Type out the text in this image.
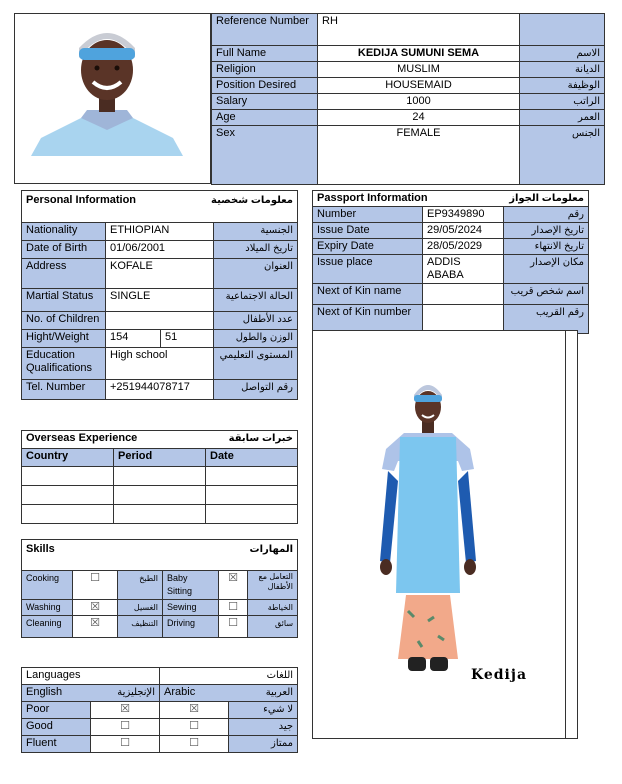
Reference Number	RH	
Full Name	KEDIJA SUMUNI SEMA	الاسم
Religion	MUSLIM	الديانة
Position Desired	HOUSEMAID	الوظيفة
Salary	1000	الراتب
Age	24	العمر
Sex	FEMALE	الجنس
Personal Information		معلومات شخصية	
Nationality	ETHIOPIAN		الجنسية
Date of Birth	01/06/2001		تاريخ الميلاد
Address	KOFALE		العنوان
Martial Status	SINGLE		الحالة الاجتماعية
No. of Children			عدد الأطفال
Hight/Weight	154	51	الوزن والطول
Education Qualifications	High school		المستوى التعليمي
Tel. Number	+251944078717		رقم التواصل
Passport Information		معلومات الجواز
Number	EP9349890	رقم
Issue Date	29/05/2024	تاريخ الإصدار
Expiry Date	28/05/2029	تاريخ الانتهاء
Issue place	ADDIS ABABA	مكان الإصدار
Next of Kin name		اسم شخص قريب
Next of Kin number		رقم القريب
Kedija
Overseas Experience		خبرات سابقة
Country	Period	Date

Skills			المهارات		
Cooking	☐	الطبخ	Baby Sitting	☒	التعامل مع الأطفال
Washing	☒	الغسيل	Sewing	☐	الخياطة
Cleaning	☒	التنظيف	Driving	☐	سائق
Languages		اللغات	
English	الإنجليزية	Arabic	العربية
Poor	☒	☒	لا شيء
Good	☐	☐	جيد
Fluent	☐	☐	ممتاز
